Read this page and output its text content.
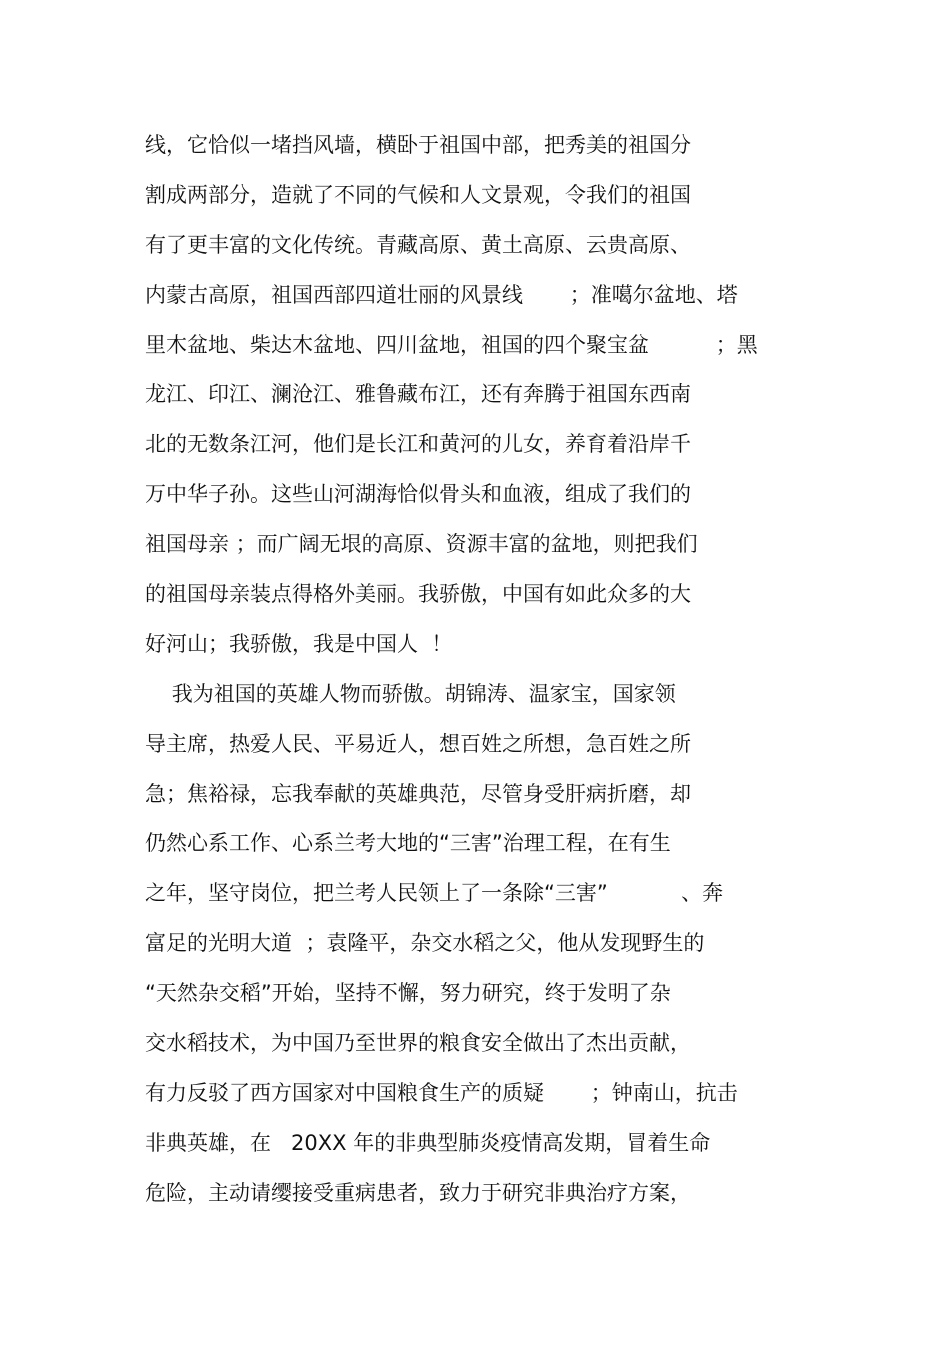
线，它恰似一堵挡风墙，横卧于祖国中部，把秀美的祖国分
割成两部分，造就了不同的气候和人文景观，令我们的祖国
有了更丰富的文化传统。青藏高原、黄土高原、云贵高原、
内蒙古高原，祖国西部四道壮丽的风景线       ；准噶尔盆地、塔
里木盆地、柴达木盆地、四川盆地，祖国的四个聚宝盆          ；黑
龙江、印江、澜沧江、雅鲁藏布江，还有奔腾于祖国东西南
北的无数条江河，他们是长江和黄河的儿女，养育着沿岸千
万中华子孙。这些山河湖海恰似骨头和血液，组成了我们的
祖国母亲 ；而广阔无垠的高原、资源丰富的盆地，则把我们
的祖国母亲装点得格外美丽。我骄傲，中国有如此众多的大
好河山；我骄傲，我是中国人  ！
我为祖国的英雄人物而骄傲。胡锦涛、温家宝，国家领
导主席，热爱人民、平易近人，想百姓之所想，急百姓之所
急；焦裕禄，忘我奉献的英雄典范，尽管身受肝病折磨，却
仍然心系工作、心系兰考大地的“三害”治理工程，在有生
之年，坚守岗位，把兰考人民领上了一条除“三害”           、奔
富足的光明大道  ；袁隆平，杂交水稻之父，他从发现野生的
“天然杂交稻”开始，坚持不懈，努力研究，终于发明了杂
交水稻技术，为中国乃至世界的粮食安全做出了杰出贡献，
有力反驳了西方国家对中国粮食生产的质疑       ；钟南山，抗击
非典英雄，在   20XX 年的非典型肺炎疫情高发期，冒着生命
危险，主动请缨接受重病患者，致力于研究非典治疗方案，
